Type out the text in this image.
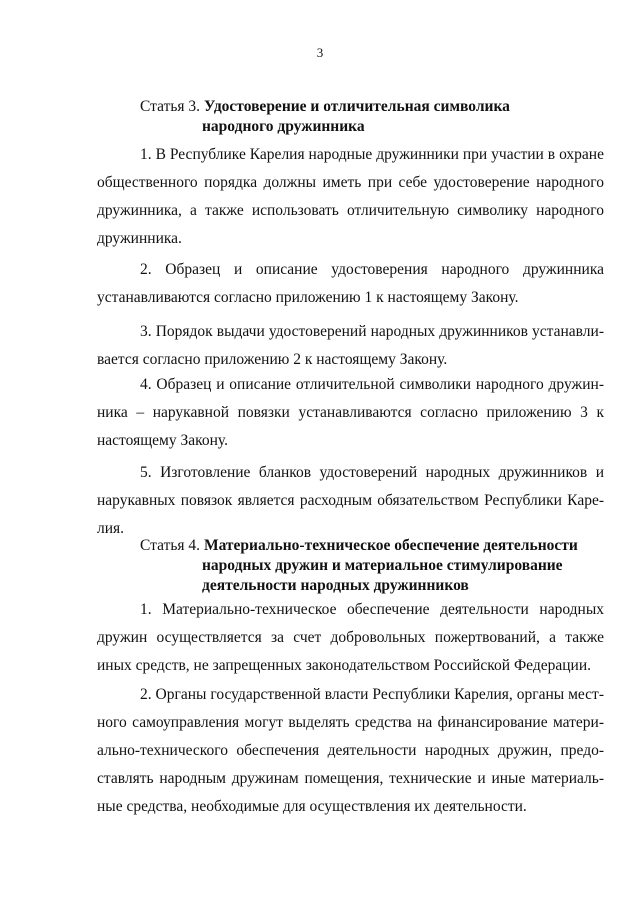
3
Статья 3. Удостоверение и отличительная символика
народного дружинника

1. В Республике Карелия народные дружинники при участии в охране общественного порядка должны иметь при себе удостоверение народного дружинника, а также использовать отличительную символику народного дружинника.

2. Образец и описание удостоверения народного дружинника устанавливаются согласно приложению 1 к настоящему Закону.

3. Порядок выдачи удостоверений народных дружинников устанавливается согласно приложению 2 к настоящему Закону.

4. Образец и описание отличительной символики народного дружинника – нарукавной повязки устанавливаются согласно приложению 3 к настоящему Закону.

5. Изготовление бланков удостоверений народных дружинников и нарукавных повязок является расходным обязательством Республики Карелия.

Статья 4. Материально-техническое обеспечение деятельности
народных дружин и материальное стимулирование
деятельности народных дружинников

1. Материально-техническое обеспечение деятельности народных дружин осуществляется за счет добровольных пожертвований, а также иных средств, не запрещенных законодательством Российской Федерации.

2. Органы государственной власти Республики Карелия, органы местного самоуправления могут выделять средства на финансирование материально-технического обеспечения деятельности народных дружин, предоставлять народным дружинам помещения, технические и иные материальные средства, необходимые для осуществления их деятельности.
